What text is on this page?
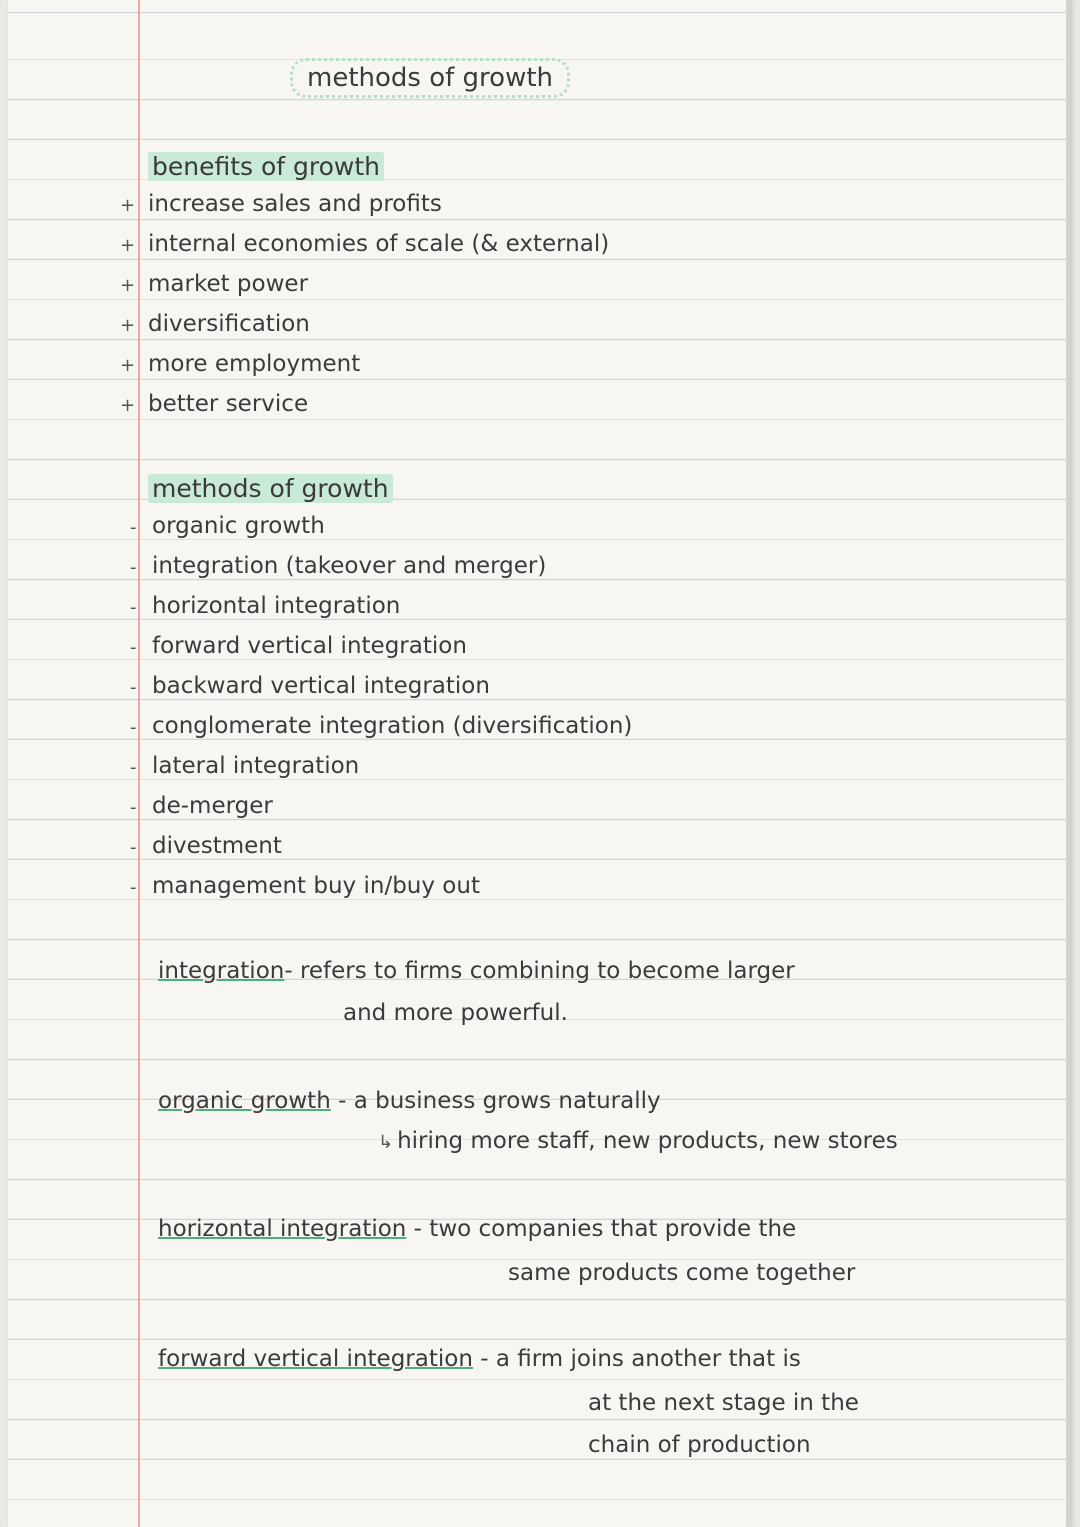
methods of growth
benefits of growth
+ increase sales and profits
+ internal economies of scale (& external)
+ market power
+ diversification
+ more employment
+ better service
methods of growth
- organic growth
- integration (takeover and merger)
- horizontal integration
- forward vertical integration
- backward vertical integration
- conglomerate integration (diversification)
- lateral integration
- de-merger
- divestment
- management buy in/buy out
integration- refers to firms combining to become larger
and more powerful.
organic growth - a business grows naturally
↳ hiring more staff, new products, new stores
horizontal integration - two companies that provide the
same products come together
forward vertical integration - a firm joins another that is
at the next stage in the
chain of production
